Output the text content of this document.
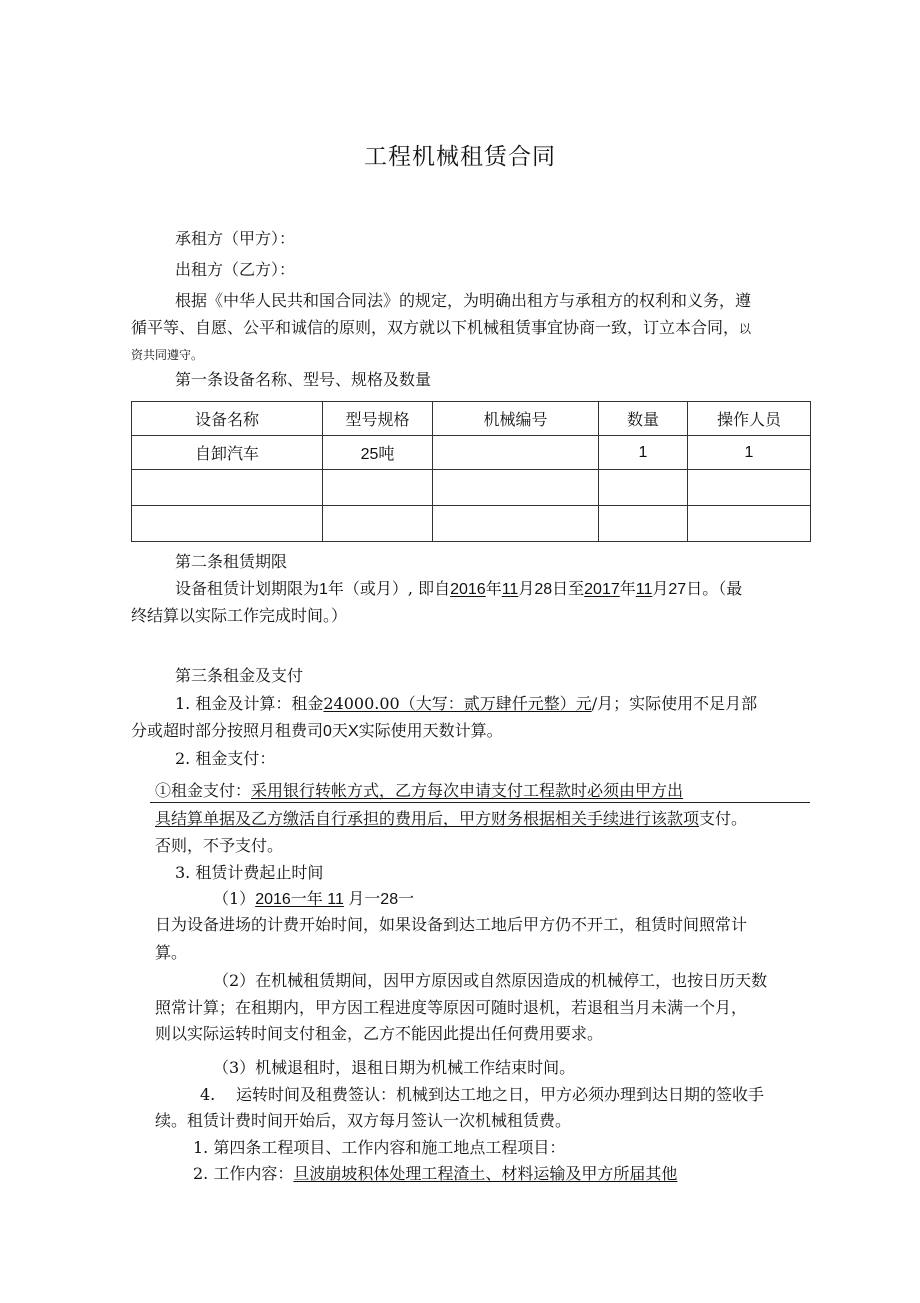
工程机械租赁合同
承租方（甲方）：
出租方（乙方）：
根据《中华人民共和国合同法》的规定，为明确出租方与承租方的权利和义务，遵
循平等、自愿、公平和诚信的原则，双方就以下机械租赁事宜协商一致，订立本合同，以
资共同遵守。
第一条设备名称、型号、规格及数量
设备名称	型号规格	机械编号	数量	操作人员
自卸汽车	25吨		1	1

第二条租赁期限
设备租赁计划期限为1年（或月）, 即自2016年11月28日至2017年11月27日。（最
终结算以实际工作完成时间。）
第三条租金及支付
1. 租金及计算：租金24000.00（大写：贰万肆仟元整）元/月；实际使用不足月部
分或超时部分按照月租费司0天X实际使用天数计算。
2. 租金支付：
①租金支付：采用银行转帐方式，乙方每次申请支付工程款时必须由甲方出
具结算单据及乙方缴活自行承担的费用后，甲方财务根据相关手续进行该款项支付。
否则，不予支付。
3. 租赁计费起止时间
（1）2016一年 11 月一28一
日为设备进场的计费开始时间，如果设备到达工地后甲方仍不开工，租赁时间照常计
算。
（2）在机械租赁期间，因甲方原因或自然原因造成的机械停工，也按日历天数
照常计算；在租期内，甲方因工程进度等原因可随时退机，若退租当月未满一个月，
则以实际运转时间支付租金，乙方不能因此提出任何费用要求。
（3）机械退租时，退租日期为机械工作结束时间。
4. 运转时间及租费签认：机械到达工地之日，甲方必须办理到达日期的签收手
续。租赁计费时间开始后，双方每月签认一次机械租赁费。
1. 第四条工程项目、工作内容和施工地点工程项目：
2. 工作内容：旦波崩坡积体处理工程渣土、材料运输及甲方所届其他
